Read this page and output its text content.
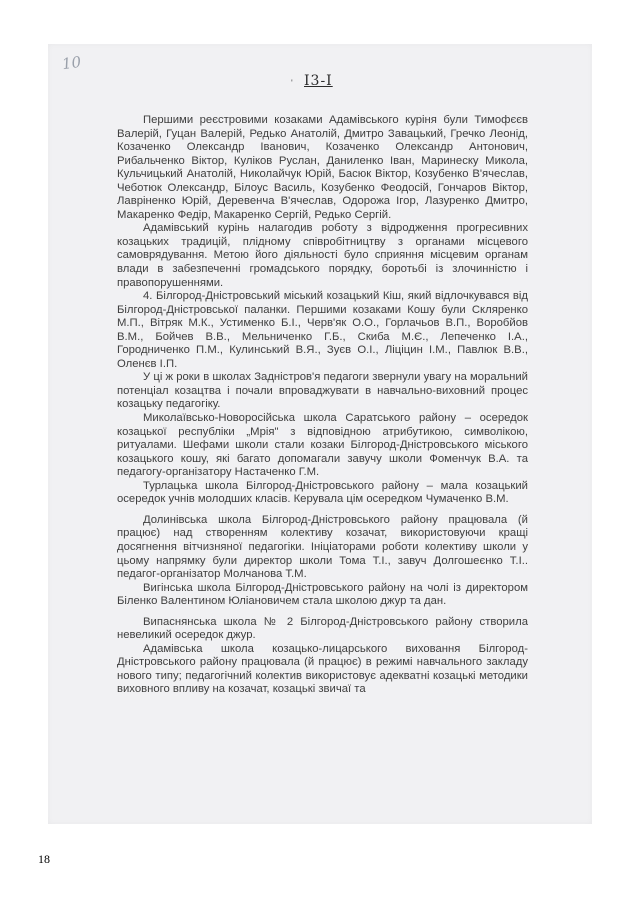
10
' I3-I

Першими реєстровими козаками Адамівського куріня були Тимофєєв Валерій, Гуцан Валерій, Редько Анатолій, Дмитро Завацький, Гречко Леонід, Козаченко Олександр Іванович, Козаченко Олександр Антонович, Рибальченко Віктор, Куліков Руслан, Даниленко Іван, Маринеску Микола, Кульчицький Анатолій, Николайчук Юрій, Басюк Віктор, Козубенко В'ячеслав, Чеботюк Олександр, Білоус Василь, Козубенко Феодосій, Гончаров Віктор, Лавріненко Юрій, Деревенча В'ячеслав, Одорожа Ігор, Лазуренко Дмитро, Макаренко Федір, Макаренко Сергій, Редько Сергій.

Адамівський курінь налагодив роботу з відродження прогресивних козацьких традицій, плідному співробітництву з органами місцевого самоврядування. Метою його діяльності було сприяння місцевим органам влади в забезпеченні громадського порядку, боротьбі із злочинністю і правопорушеннями.

4. Білгород-Дністровський міський козацький Кіш, який відлочкувався від Білгород-Дністровської паланки. Першими козаками Кошу були Скляренко М.П., Вітряк М.К., Устименко Б.І., Черв'як О.О., Горлачьов В.П., Воробйов В.М., Бойчев В.В., Мельниченко Г.Б., Скиба М.Є., Лепеченко І.А., Городниченко П.М., Кулинський В.Я., Зуєв О.І., Ліціцин І.М., Павлюк В.В., Оленєв І.П.

У ці ж роки в школах Задністров'я педагоги звернули увагу на моральний потенціал козацтва і почали впроваджувати в навчально-виховний процес козацьку педагогіку.

Миколаївсько-Новоросійська школа Саратського району – осередок козацької республіки „Мрія" з відповідною атрибутикою, символікою, ритуалами. Шефами школи стали козаки Білгород-Дністровського міського козацького кошу, які багато допомагали завучу школи Фоменчук В.А. та педагогу-організатору Настаченко Г.М.

Турлацька школа Білгород-Дністровського району – мала козацький осередок учнів молодших класів. Керувала цім осередком Чумаченко В.М.

Долинівська школа Білгород-Дністровського району працювала (й працює) над створенням колективу козачат, використовуючи кращі досягнення вітчизняної педагогіки. Ініціаторами роботи колективу школи у цьому напрямку були директор школи Тома Т.І., завуч Долгошеєнко Т.І.. педагог-організатор Молчанова Т.М.

Вигінська школа Білгород-Дністровського району на чолі із директором Біленко Валентином Юліановичем стала школою джур та дан.

Випаснянська школа № 2 Білгород-Дністровського району створила невеликий осередок джур.

Адамівська школа козацько-лицарського виховання Білгород-Дністровського району працювала (й працює) в режимі навчального закладу нового типу; педагогічний колектив використовує адекватні козацькі методики виховного впливу на козачат, козацькі звичаї та

18
